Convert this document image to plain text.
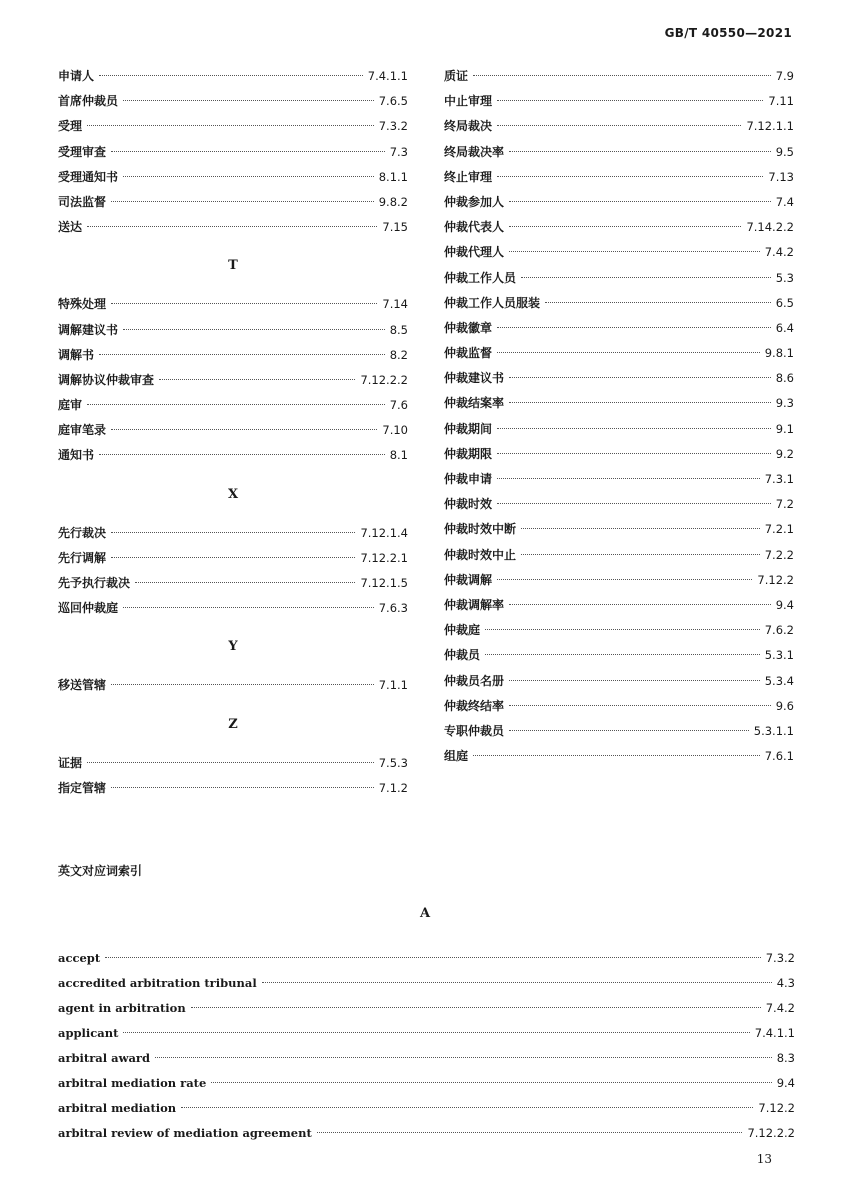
GB/T 40550—2021
申请人	7.4.1.1
首席仲裁员	7.6.5
受理	7.3.2
受理审查	7.3
受理通知书	8.1.1
司法监督	9.8.2
送达	7.15
T
特殊处理	7.14
调解建议书	8.5
调解书	8.2
调解协议仲裁审查	7.12.2.2
庭审	7.6
庭审笔录	7.10
通知书	8.1
X
先行裁决	7.12.1.4
先行调解	7.12.2.1
先予执行裁决	7.12.1.5
巡回仲裁庭	7.6.3
Y
移送管辖	7.1.1
Z
证据	7.5.3
指定管辖	7.1.2
质证	7.9
中止审理	7.11
终局裁决	7.12.1.1
终局裁决率	9.5
终止审理	7.13
仲裁参加人	7.4
仲裁代表人	7.14.2.2
仲裁代理人	7.4.2
仲裁工作人员	5.3
仲裁工作人员服装	6.5
仲裁徽章	6.4
仲裁监督	9.8.1
仲裁建议书	8.6
仲裁结案率	9.3
仲裁期间	9.1
仲裁期限	9.2
仲裁申请	7.3.1
仲裁时效	7.2
仲裁时效中断	7.2.1
仲裁时效中止	7.2.2
仲裁调解	7.12.2
仲裁调解率	9.4
仲裁庭	7.6.2
仲裁员	5.3.1
仲裁员名册	5.3.4
仲裁终结率	9.6
专职仲裁员	5.3.1.1
组庭	7.6.1
英文对应词索引
A
accept	7.3.2
accredited arbitration tribunal	4.3
agent in arbitration	7.4.2
applicant	7.4.1.1
arbitral award	8.3
arbitral mediation rate	9.4
arbitral mediation	7.12.2
arbitral review of mediation agreement	7.12.2.2
13
